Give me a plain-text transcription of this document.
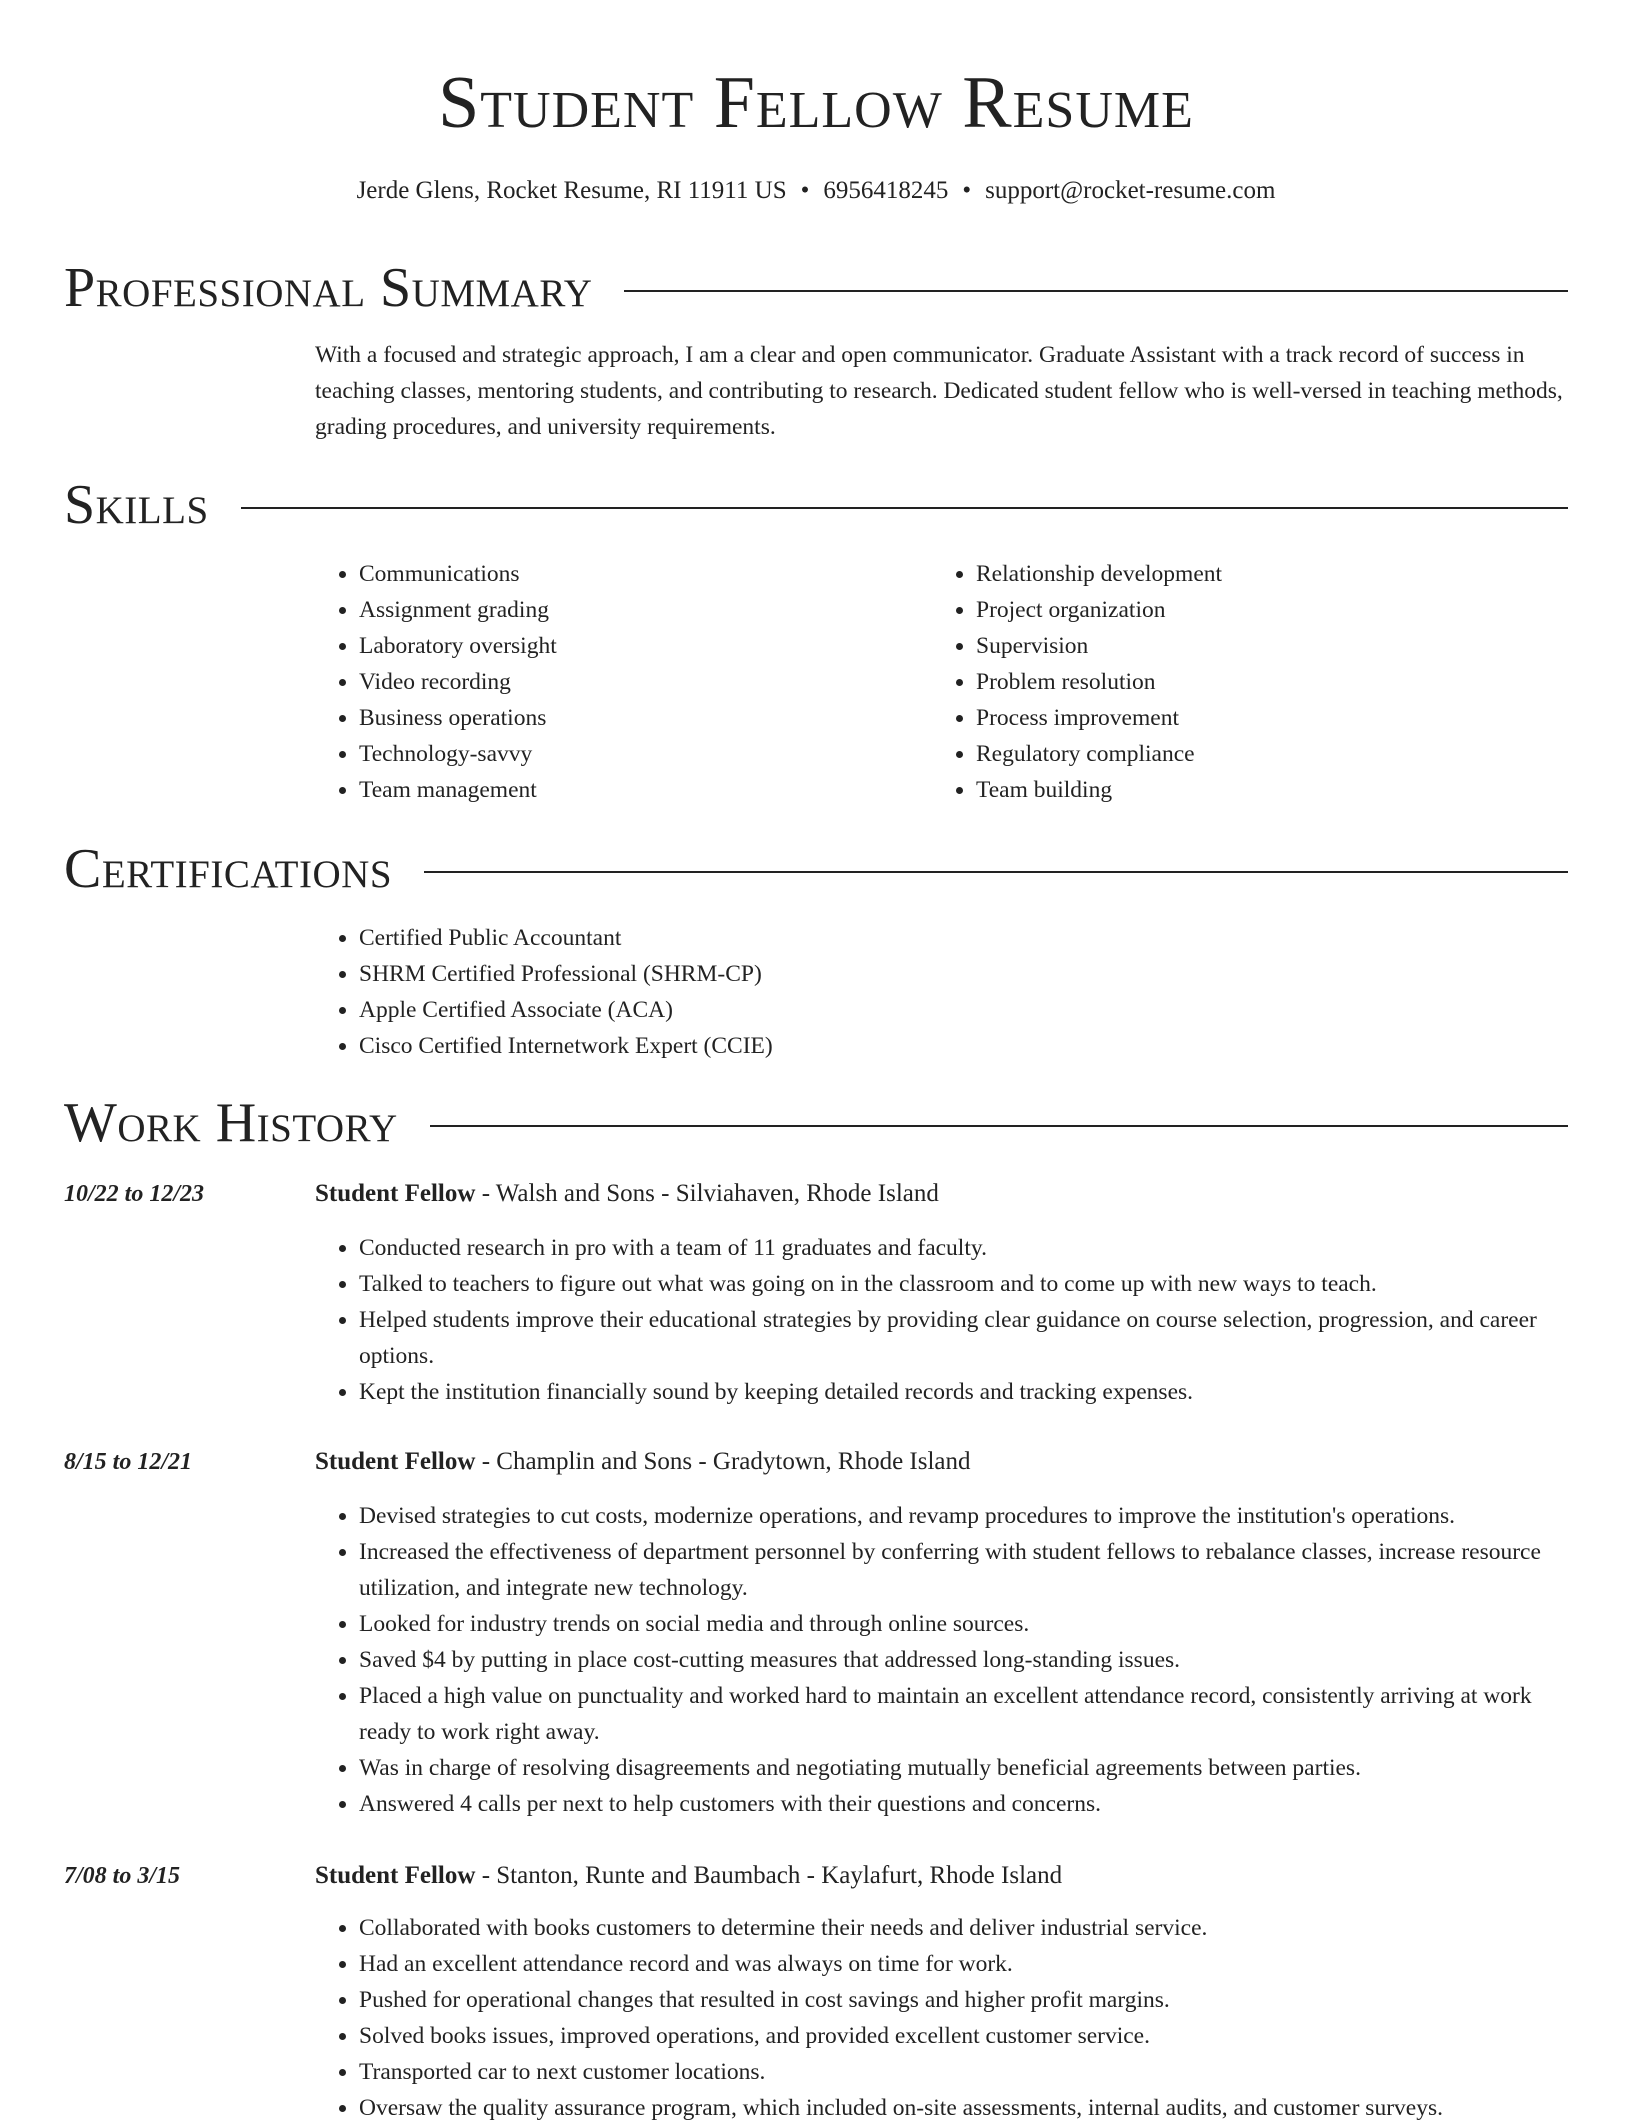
Student Fellow Resume
Jerde Glens, Rocket Resume, RI 11911 US • 6956418245 • support@rocket-resume.com
Professional Summary
With a focused and strategic approach, I am a clear and open communicator. Graduate Assistant with a track record of success in teaching classes, mentoring students, and contributing to research. Dedicated student fellow who is well-versed in teaching methods, grading procedures, and university requirements.
Skills
• Communications
• Assignment grading
• Laboratory oversight
• Video recording
• Business operations
• Technology-savvy
• Team management
• Relationship development
• Project organization
• Supervision
• Problem resolution
• Process improvement
• Regulatory compliance
• Team building
Certifications
• Certified Public Accountant
• SHRM Certified Professional (SHRM-CP)
• Apple Certified Associate (ACA)
• Cisco Certified Internetwork Expert (CCIE)
Work History
10/22 to 12/23	Student Fellow - Walsh and Sons - Silviahaven, Rhode Island
• Conducted research in pro with a team of 11 graduates and faculty.
• Talked to teachers to figure out what was going on in the classroom and to come up with new ways to teach.
• Helped students improve their educational strategies by providing clear guidance on course selection, progression, and career options.
• Kept the institution financially sound by keeping detailed records and tracking expenses.
8/15 to 12/21	Student Fellow - Champlin and Sons - Gradytown, Rhode Island
• Devised strategies to cut costs, modernize operations, and revamp procedures to improve the institution's operations.
• Increased the effectiveness of department personnel by conferring with student fellows to rebalance classes, increase resource utilization, and integrate new technology.
• Looked for industry trends on social media and through online sources.
• Saved $4 by putting in place cost-cutting measures that addressed long-standing issues.
• Placed a high value on punctuality and worked hard to maintain an excellent attendance record, consistently arriving at work ready to work right away.
• Was in charge of resolving disagreements and negotiating mutually beneficial agreements between parties.
• Answered 4 calls per next to help customers with their questions and concerns.
7/08 to 3/15	Student Fellow - Stanton, Runte and Baumbach - Kaylafurt, Rhode Island
• Collaborated with books customers to determine their needs and deliver industrial service.
• Had an excellent attendance record and was always on time for work.
• Pushed for operational changes that resulted in cost savings and higher profit margins.
• Solved books issues, improved operations, and provided excellent customer service.
• Transported car to next customer locations.
• Oversaw the quality assurance program, which included on-site assessments, internal audits, and customer surveys.
